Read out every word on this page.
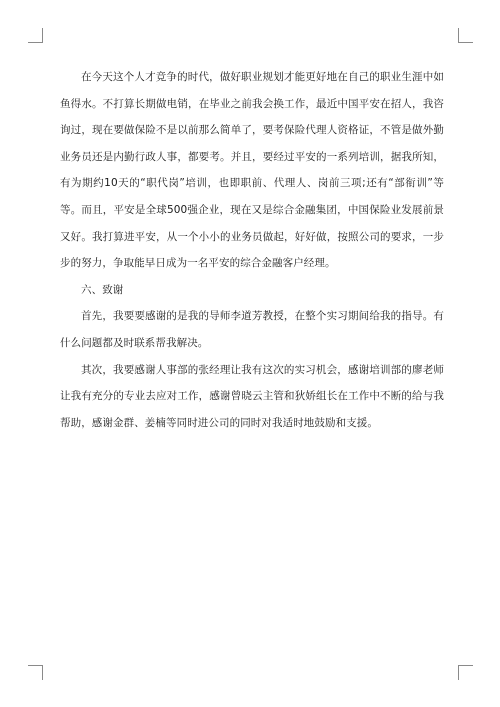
在今天这个人才竞争的时代，做好职业规划才能更好地在自己的职业生涯中如鱼得水。不打算长期做电销，在毕业之前我会换工作，最近中国平安在招人，我咨询过，现在要做保险不是以前那么简单了，要考保险代理人资格证，不管是做外勤业务员还是内勤行政人事，都要考。并且，要经过平安的一系列培训，据我所知，有为期约10天的“职代岗”培训，也即职前、代理人、岗前三项;还有“部衔训”等等。而且，平安是全球500强企业，现在又是综合金融集团，中国保险业发展前景又好。我打算进平安，从一个小小的业务员做起，好好做，按照公司的要求，一步步的努力，争取能早日成为一名平安的综合金融客户经理。

六、致谢

首先，我要要感谢的是我的导师李道芳教授，在整个实习期间给我的指导。有什么问题都及时联系帮我解决。

其次，我要感谢人事部的张经理让我有这次的实习机会，感谢培训部的廖老师让我有充分的专业去应对工作，感谢曾晓云主管和狄娇组长在工作中不断的给与我帮助，感谢金群、姜楠等同时进公司的同时对我适时地鼓励和支援。
